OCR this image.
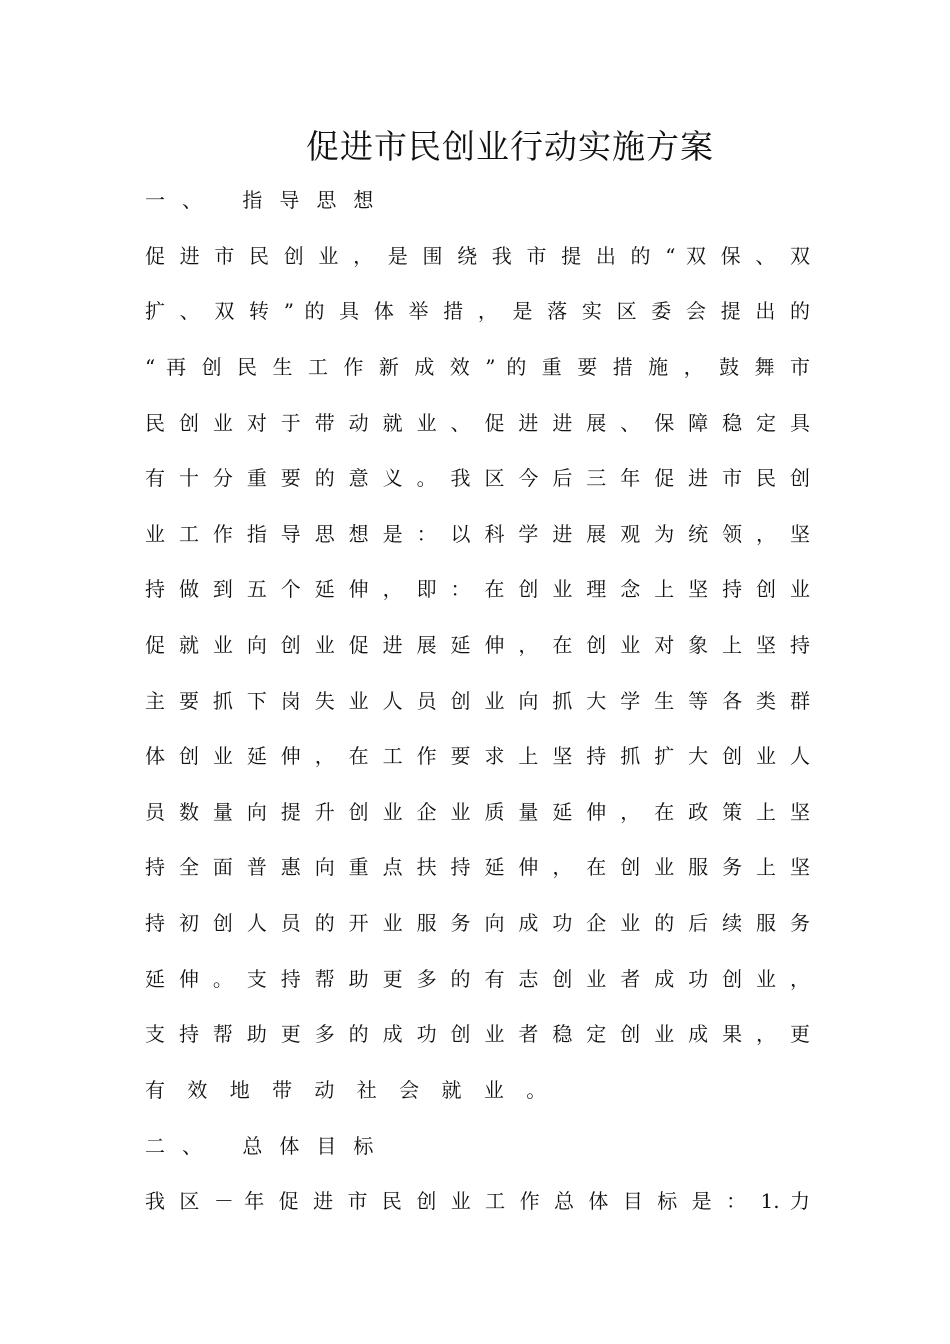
促进市民创业行动实施方案
一、 指导思想
促 进 市 民 创 业 ， 是 围 绕 我 市 提 出 的 “ 双 保 、 双
扩 、 双 转 ” 的 具 体 举 措 ， 是 落 实 区 委 会 提 出 的
“ 再 创 民 生 工 作 新 成 效 ” 的 重 要 措 施 ， 鼓 舞 市
民 创 业 对 于 带 动 就 业 、 促 进 进 展 、 保 障 稳 定 具
有 十 分 重 要 的 意 义 。 我 区 今 后 三 年 促 进 市 民 创
业 工 作 指 导 思 想 是 ： 以 科 学 进 展 观 为 统 领 ， 坚
持 做 到 五 个 延 伸 ， 即 ： 在 创 业 理 念 上 坚 持 创 业
促 就 业 向 创 业 促 进 展 延 伸 ， 在 创 业 对 象 上 坚 持
主 要 抓 下 岗 失 业 人 员 创 业 向 抓 大 学 生 等 各 类 群
体 创 业 延 伸 ， 在 工 作 要 求 上 坚 持 抓 扩 大 创 业 人
员 数 量 向 提 升 创 业 企 业 质 量 延 伸 ， 在 政 策 上 坚
持 全 面 普 惠 向 重 点 扶 持 延 伸 ， 在 创 业 服 务 上 坚
持 初 创 人 员 的 开 业 服 务 向 成 功 企 业 的 后 续 服 务
延 伸 。 支 持 帮 助 更 多 的 有 志 创 业 者 成 功 创 业 ，
支 持 帮 助 更 多 的 成 功 创 业 者 稳 定 创 业 成 果 ， 更
有 效 地 带 动 社 会 就 业 。
二、 总体目标
我 区 － 年 促 进 市 民 创 业 工 作 总 体 目 标 是 ： 1. 力
